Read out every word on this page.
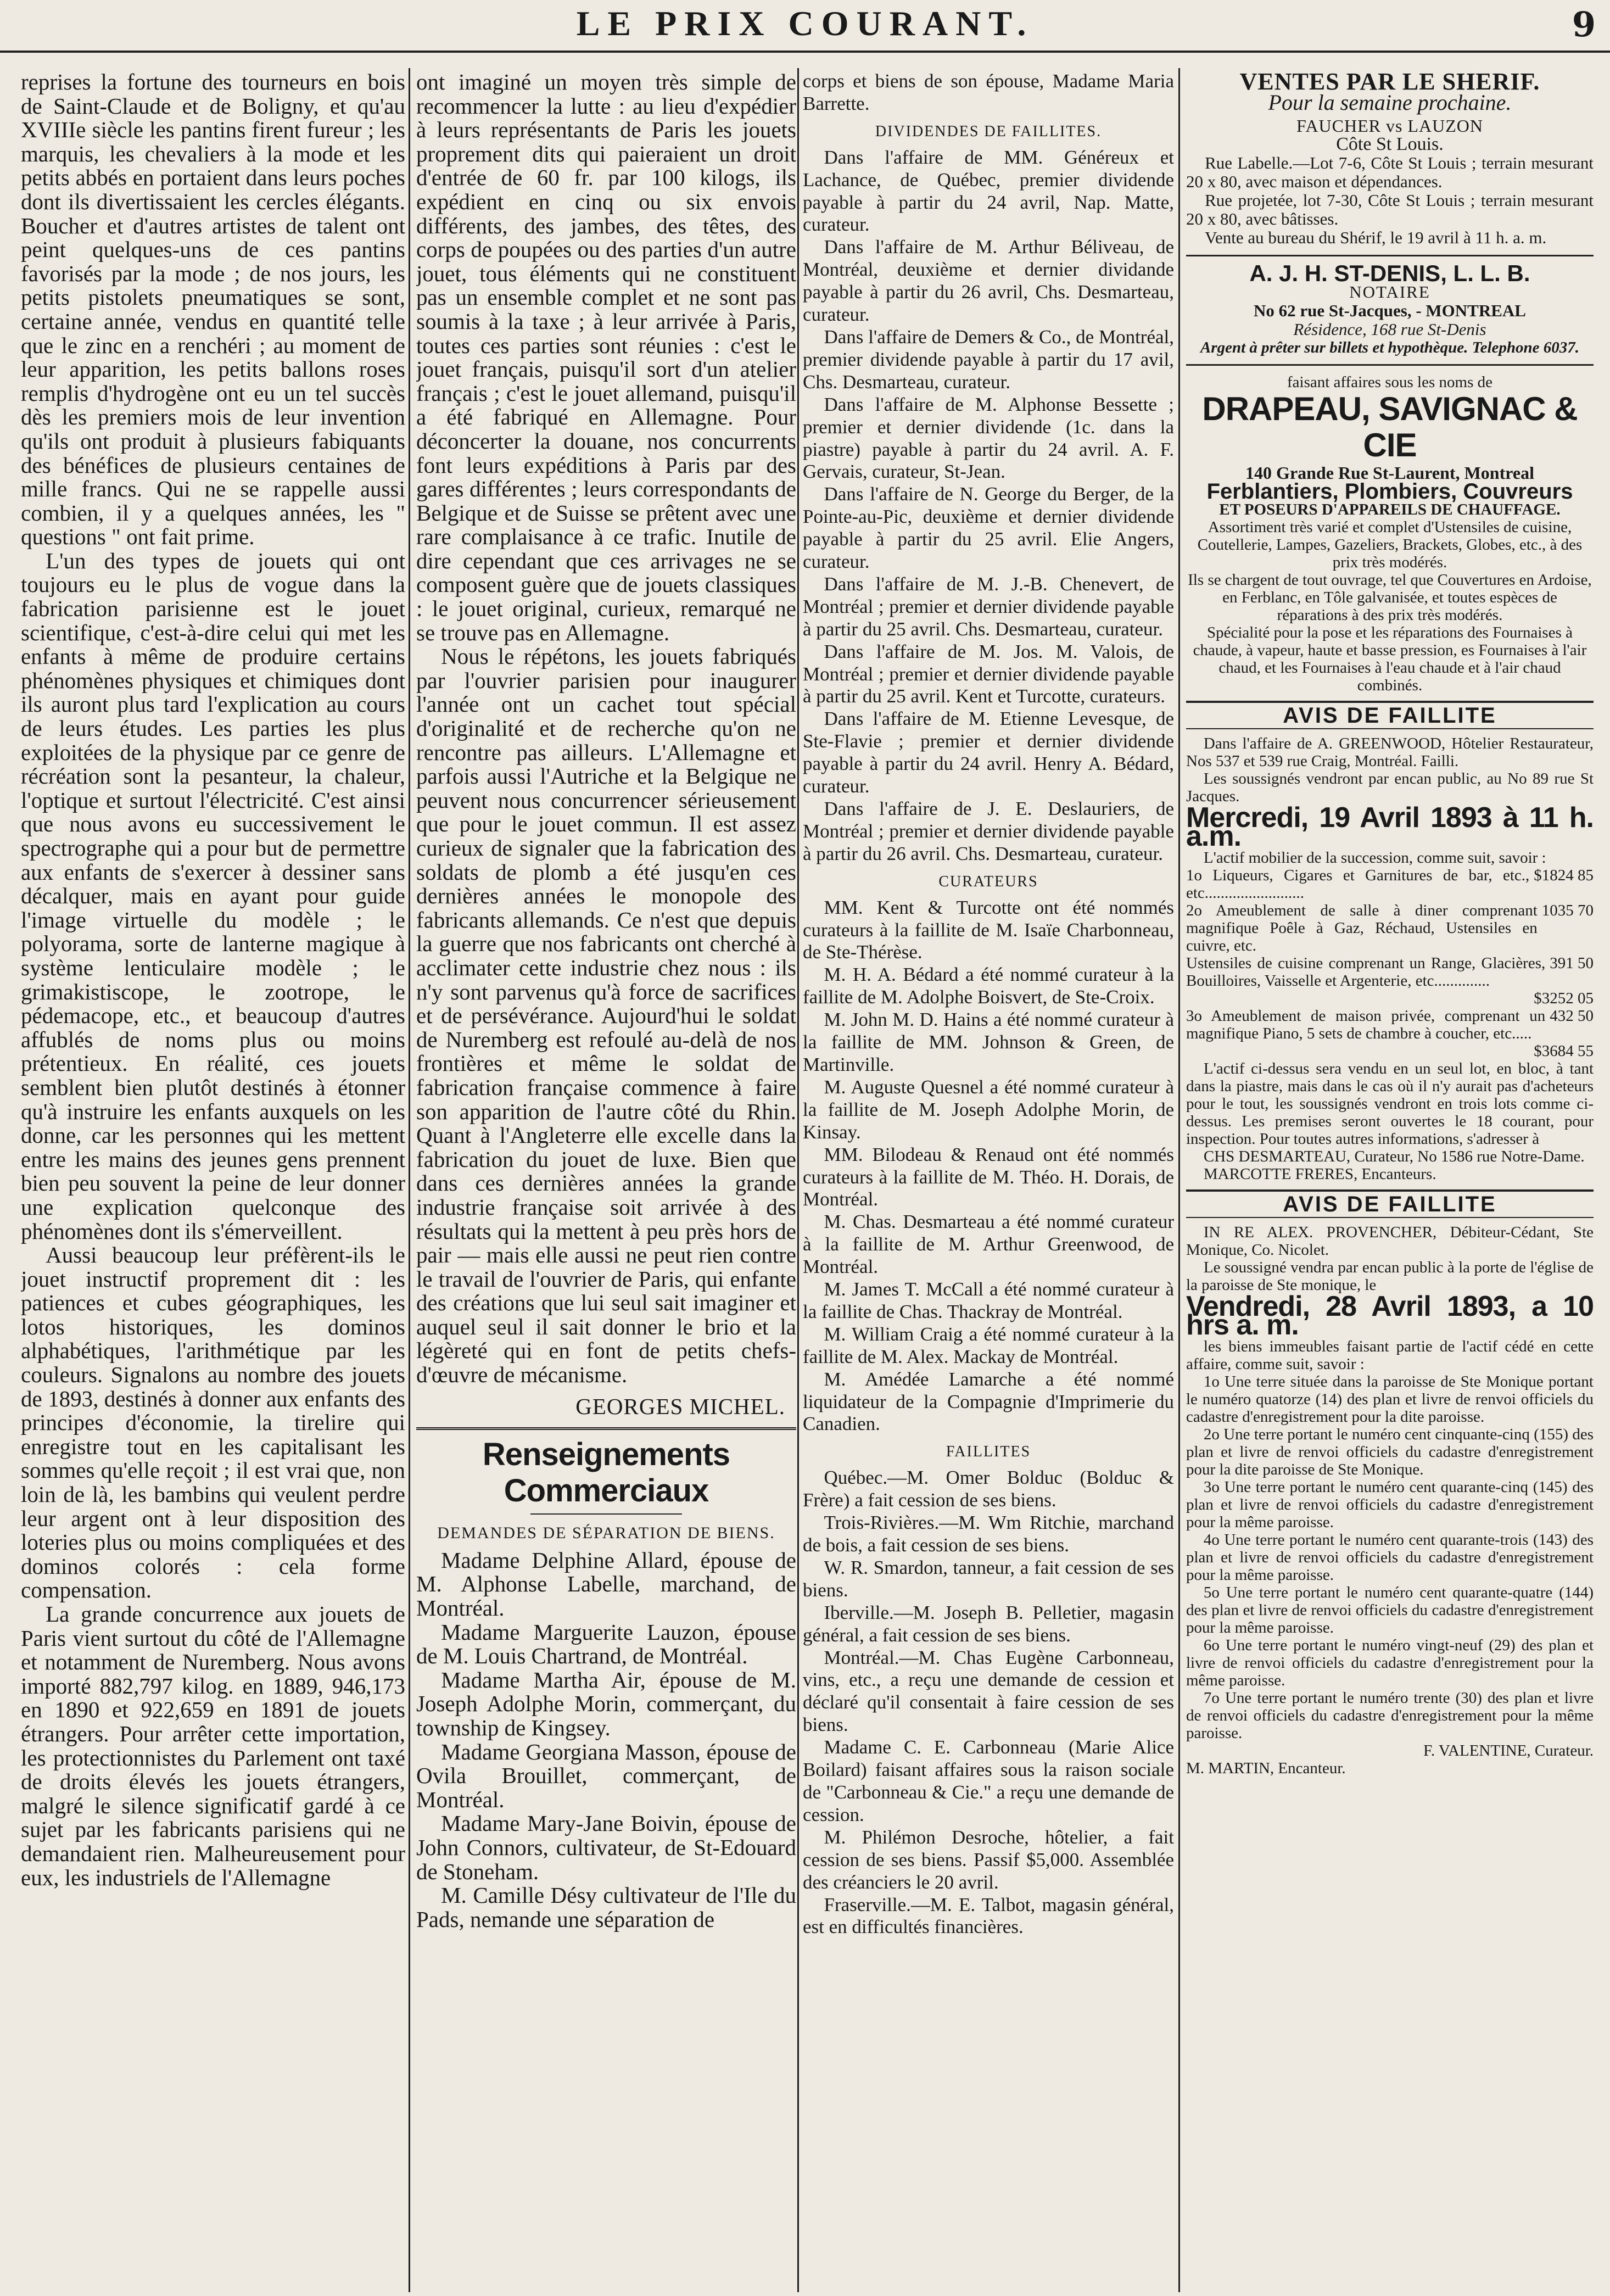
LE PRIX COURANT.	9

reprises la fortune des tourneurs en bois de Saint-Claude et de Boligny, et qu'au XVIIIe siècle les pantins firent fureur ; les marquis, les chevaliers à la mode et les petits abbés en portaient dans leurs poches dont ils divertissaient les cercles élégants. Boucher et d'autres artistes de talent ont peint quelques-uns de ces pantins favorisés par la mode ; de nos jours, les petits pistolets pneumatiques se sont, certaine année, vendus en quantité telle que le zinc en a renchéri ; au moment de leur apparition, les petits ballons roses remplis d'hydrogène ont eu un tel succès dès les premiers mois de leur invention qu'ils ont produit à plusieurs fabiquants des bénéfices de plusieurs centaines de mille francs. Qui ne se rappelle aussi combien, il y a quelques années, les " questions " ont fait prime.

L'un des types de jouets qui ont toujours eu le plus de vogue dans la fabrication parisienne est le jouet scientifique, c'est-à-dire celui qui met les enfants à même de produire certains phénomènes physiques et chimiques dont ils auront plus tard l'explication au cours de leurs études. Les parties les plus exploitées de la physique par ce genre de récréation sont la pesanteur, la chaleur, l'optique et surtout l'électricité. C'est ainsi que nous avons eu successivement le spectrographe qui a pour but de permettre aux enfants de s'exercer à dessiner sans décalquer, mais en ayant pour guide l'image virtuelle du modèle ; le polyorama, sorte de lanterne magique à système lenticulaire modèle ; le grimakistiscope, le zootrope, le pédemacope, etc., et beaucoup d'autres affublés de noms plus ou moins prétentieux. En réalité, ces jouets semblent bien plutôt destinés à étonner qu'à instruire les enfants auxquels on les donne, car les personnes qui les mettent entre les mains des jeunes gens prennent bien peu souvent la peine de leur donner une explication quelconque des phénomènes dont ils s'émerveillent.

Aussi beaucoup leur préfèrent-ils le jouet instructif proprement dit : les patiences et cubes géographiques, les lotos historiques, les dominos alphabétiques, l'arithmétique par les couleurs. Signalons au nombre des jouets de 1893, destinés à donner aux enfants des principes d'économie, la tirelire qui enregistre tout en les capitalisant les sommes qu'elle reçoit ; il est vrai que, non loin de là, les bambins qui veulent perdre leur argent ont à leur disposition des loteries plus ou moins compliquées et des dominos colorés : cela forme compensation.

La grande concurrence aux jouets de Paris vient surtout du côté de l'Allemagne et notamment de Nuremberg. Nous avons importé 882,797 kilog. en 1889, 946,173 en 1890 et 922,659 en 1891 de jouets étrangers. Pour arrêter cette importation, les protectionnistes du Parlement ont taxé de droits élevés les jouets étrangers, malgré le silence significatif gardé à ce sujet par les fabricants parisiens qui ne demandaient rien. Malheureusement pour eux, les industriels de l'Allemagne

ont imaginé un moyen très simple de recommencer la lutte : au lieu d'expédier à leurs représentants de Paris les jouets proprement dits qui paieraient un droit d'entrée de 60 fr. par 100 kilogs, ils expédient en cinq ou six envois différents, des jambes, des têtes, des corps de poupées ou des parties d'un autre jouet, tous éléments qui ne constituent pas un ensemble complet et ne sont pas soumis à la taxe ; à leur arrivée à Paris, toutes ces parties sont réunies : c'est le jouet français, puisqu'il sort d'un atelier français ; c'est le jouet allemand, puisqu'il a été fabriqué en Allemagne. Pour déconcerter la douane, nos concurrents font leurs expéditions à Paris par des gares différentes ; leurs correspondants de Belgique et de Suisse se prêtent avec une rare complaisance à ce trafic. Inutile de dire cependant que ces arrivages ne se composent guère que de jouets classiques : le jouet original, curieux, remarqué ne se trouve pas en Allemagne.

Nous le répétons, les jouets fabriqués par l'ouvrier parisien pour inaugurer l'année ont un cachet tout spécial d'originalité et de recherche qu'on ne rencontre pas ailleurs. L'Allemagne et parfois aussi l'Autriche et la Belgique ne peuvent nous concurrencer sérieusement que pour le jouet commun. Il est assez curieux de signaler que la fabrication des soldats de plomb a été jusqu'en ces dernières années le monopole des fabricants allemands. Ce n'est que depuis la guerre que nos fabricants ont cherché à acclimater cette industrie chez nous : ils n'y sont parvenus qu'à force de sacrifices et de persévérance. Aujourd'hui le soldat de Nuremberg est refoulé au-delà de nos frontières et même le soldat de fabrication française commence à faire son apparition de l'autre côté du Rhin. Quant à l'Angleterre elle excelle dans la fabrication du jouet de luxe. Bien que dans ces dernières années la grande industrie française soit arrivée à des résultats qui la mettent à peu près hors de pair — mais elle aussi ne peut rien contre le travail de l'ouvrier de Paris, qui enfante des créations que lui seul sait imaginer et auquel seul il sait donner le brio et la légèreté qui en font de petits chefs-d'œuvre de mécanisme.

GEORGES MICHEL.
Renseignements Commerciaux
DEMANDES DE SÉPARATION DE BIENS.

Madame Delphine Allard, épouse de M. Alphonse Labelle, marchand, de Montréal.

Madame Marguerite Lauzon, épouse de M. Louis Chartrand, de Montréal.

Madame Martha Air, épouse de M. Joseph Adolphe Morin, commerçant, du township de Kingsey.

Madame Georgiana Masson, épouse de Ovila Brouillet, commerçant, de Montréal.

Madame Mary-Jane Boivin, épouse de John Connors, cultivateur, de St-Edouard de Stoneham.

M. Camille Désy cultivateur de l'Ile du Pads, nemande une séparation de

corps et biens de son épouse, Madame Maria Barrette.

DIVIDENDES DE FAILLITES.

Dans l'affaire de MM. Généreux et Lachance, de Québec, premier dividende payable à partir du 24 avril, Nap. Matte, curateur.

Dans l'affaire de M. Arthur Béliveau, de Montréal, deuxième et dernier dividande payable à partir du 26 avril, Chs. Desmarteau, curateur.

Dans l'affaire de Demers & Co., de Montréal, premier dividende payable à partir du 17 avil, Chs. Desmarteau, curateur.

Dans l'affaire de M. Alphonse Bessette ; premier et dernier dividende (1c. dans la piastre) payable à partir du 24 avril. A. F. Gervais, curateur, St-Jean.

Dans l'affaire de N. George du Berger, de la Pointe-au-Pic, deuxième et dernier dividende payable à partir du 25 avril. Elie Angers, curateur.

Dans l'affaire de M. J.-B. Chenevert, de Montréal ; premier et dernier dividende payable à partir du 25 avril. Chs. Desmarteau, curateur.

Dans l'affaire de M. Jos. M. Valois, de Montréal ; premier et dernier dividende payable à partir du 25 avril. Kent et Turcotte, curateurs.

Dans l'affaire de M. Etienne Levesque, de Ste-Flavie ; premier et dernier dividende payable à partir du 24 avril. Henry A. Bédard, curateur.

Dans l'affaire de J. E. Deslauriers, de Montréal ; premier et dernier dividende payable à partir du 26 avril. Chs. Desmarteau, curateur.

CURATEURS

MM. Kent & Turcotte ont été nommés curateurs à la faillite de M. Isaïe Charbonneau, de Ste-Thérèse.

M. H. A. Bédard a été nommé curateur à la faillite de M. Adolphe Boisvert, de Ste-Croix.

M. John M. D. Hains a été nommé curateur à la faillite de MM. Johnson & Green, de Martinville.

M. Auguste Quesnel a été nommé curateur à la faillite de M. Joseph Adolphe Morin, de Kinsay.

MM. Bilodeau & Renaud ont été nommés curateurs à la faillite de M. Théo. H. Dorais, de Montréal.

M. Chas. Desmarteau a été nommé curateur à la faillite de M. Arthur Greenwood, de Montréal.

M. James T. McCall a été nommé curateur à la faillite de Chas. Thackray de Montréal.

M. William Craig a été nommé curateur à la faillite de M. Alex. Mackay de Montréal.

M. Amédée Lamarche a été nommé liquidateur de la Compagnie d'Imprimerie du Canadien.

FAILLITES

Québec.—M. Omer Bolduc (Bolduc & Frère) a fait cession de ses biens.

Trois-Rivières.—M. Wm Ritchie, marchand de bois, a fait cession de ses biens.

W. R. Smardon, tanneur, a fait cession de ses biens.

Iberville.—M. Joseph B. Pelletier, magasin général, a fait cession de ses biens.

Montréal.—M. Chas Eugène Carbonneau, vins, etc., a reçu une demande de cession et déclaré qu'il consentait à faire cession de ses biens.

Madame C. E. Carbonneau (Marie Alice Boilard) faisant affaires sous la raison sociale de "Carbonneau & Cie." a reçu une demande de cession.

M. Philémon Desroche, hôtelier, a fait cession de ses biens. Passif $5,000. Assemblée des créanciers le 20 avril.

Fraserville.—M. E. Talbot, magasin général, est en difficultés financières.

VENTES PAR LE SHERIF.
Pour la semaine prochaine.
FAUCHER vs LAUZON
Côte St Louis.

Rue Labelle.—Lot 7-6, Côte St Louis ; terrain mesurant 20 x 80, avec maison et dépendances.

Rue projetée, lot 7-30, Côte St Louis ; terrain mesurant 20 x 80, avec bâtisses.

Vente au bureau du Shérif, le 19 avril à 11 h. a. m.

A. J. H. ST-DENIS, L. L. B.
NOTAIRE
No 62 rue St-Jacques, - MONTREAL
Résidence, 168 rue St-Denis
Argent à prêter sur billets et hypothèque. Telephone 6037.
faisant affaires sous les noms de
DRAPEAU, SAVIGNAC & CIE
140 Grande Rue St-Laurent, Montreal
Ferblantiers, Plombiers, Couvreurs
ET POSEURS D'APPAREILS DE CHAUFFAGE.

Assortiment très varié et complet d'Ustensiles de cuisine, Coutellerie, Lampes, Gazeliers, Brackets, Globes, etc., à des prix très modérés.

Ils se chargent de tout ouvrage, tel que Couvertures en Ardoise, en Ferblanc, en Tôle galvanisée, et toutes espèces de réparations à des prix très modérés.

Spécialité pour la pose et les réparations des Fournaises à chaude, à vapeur, haute et basse pression, es Fournaises à l'air chaud, et les Fournaises à l'eau chaude et à l'air chaud combinés.

AVIS DE FAILLITE

Dans l'affaire de A. GREENWOOD, Hôtelier Restaurateur, Nos 537 et 539 rue Craig, Montréal. Failli.

Les soussignés vendront par encan public, au No 89 rue St Jacques.

Mercredi, 19 Avril 1893 à 11 h. a.m.

L'actif mobilier de la succession, comme suit, savoir :

1o Liqueurs, Cigares et Garnitures de bar, etc., etc.........................
$1824 85
2o Ameublement de salle à diner comprenant magnifique Poêle à Gaz, Réchaud, Ustensiles en cuivre, etc.
1035 70
Ustensiles de cuisine comprenant un Range, Glacières, Bouilloires, Vaisselle et Argenterie, etc..............
391 50
$3252 05
3o Ameublement de maison privée, comprenant un magnifique Piano, 5 sets de chambre à coucher, etc.....
432 50
$3684 55

L'actif ci-dessus sera vendu en un seul lot, en bloc, à tant dans la piastre, mais dans le cas où il n'y aurait pas d'acheteurs pour le tout, les soussignés vendront en trois lots comme ci-dessus. Les premises seront ouvertes le 18 courant, pour inspection. Pour toutes autres informations, s'adresser à

CHS DESMARTEAU, Curateur, No 1586 rue Notre-Dame.

MARCOTTE FRERES, Encanteurs.

AVIS DE FAILLITE

IN RE ALEX. PROVENCHER, Débiteur-Cédant, Ste Monique, Co. Nicolet.

Le soussigné vendra par encan public à la porte de l'église de la paroisse de Ste monique, le

Vendredi, 28 Avril 1893, a 10 hrs a. m.

les biens immeubles faisant partie de l'actif cédé en cette affaire, comme suit, savoir :

1o Une terre située dans la paroisse de Ste Monique portant le numéro quatorze (14) des plan et livre de renvoi officiels du cadastre d'enregistrement pour la dite paroisse.

2o Une terre portant le numéro cent cinquante-cinq (155) des plan et livre de renvoi officiels du cadastre d'enregistrement pour la dite paroisse de Ste Monique.

3o Une terre portant le numéro cent quarante-cinq (145) des plan et livre de renvoi officiels du cadastre d'enregistrement pour la même paroisse.

4o Une terre portant le numéro cent quarante-trois (143) des plan et livre de renvoi officiels du cadastre d'enregistrement pour la même paroisse.

5o Une terre portant le numéro cent quarante-quatre (144) des plan et livre de renvoi officiels du cadastre d'enregistrement pour la même paroisse.

6o Une terre portant le numéro vingt-neuf (29) des plan et livre de renvoi officiels du cadastre d'enregistrement pour la même paroisse.

7o Une terre portant le numéro trente (30) des plan et livre de renvoi officiels du cadastre d'enregistrement pour la même paroisse.

F. VALENTINE, Curateur.
M. MARTIN, Encanteur.
